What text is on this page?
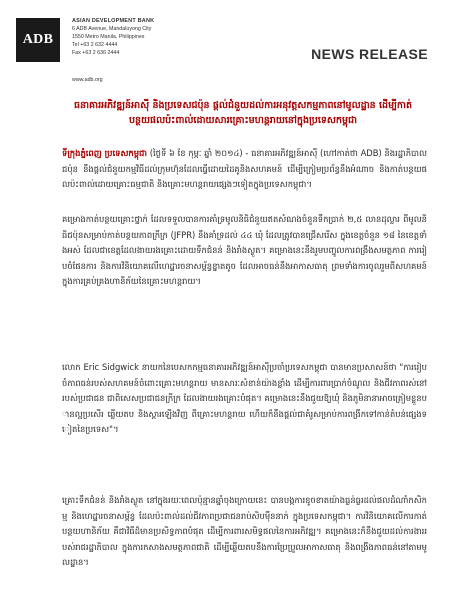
ADB
ASIAN DEVELOPMENT BANK
6 ADB Avenue, Mandaluyong City
1550 Metro Manila, Philippines
Tel +63 2 632 4444
Fax +63 2 636 2444
www.adb.org
NEWS RELEASE
ធនាគារអភិវឌ្ឍន៍អាស៊ី និងប្រទេសជប៉ុន ផ្តល់ជំនួយដល់ការអនុវត្តសកម្មភាពនៅមូលដ្ឋាន ដើម្បីកាត់បន្ថយផលប៉ះពាល់ដោយសារគ្រោះមហន្តរាយនៅក្នុងប្រទេសកម្ពុជា
ទីក្រុងភ្នំពេញ ប្រទេសកម្ពុជា (ថ្ងៃទី ៦ ខែ កុម្ភៈ ឆ្នាំ ២០១៤) - ធនាគារអភិវឌ្ឍន៍អាស៊ី (ហៅកាត់ថា ADB) និងរដ្ឋាភិបាលជប៉ុន នឹងផ្តល់ជំនួយកម្មវិធីដល់ក្រុមហ៊ុនដែលធ្វើដោយដៃគូនិងសហគមន៍ ដើម្បីក្រៀមប្រព័ន្ធនឹងអំណាច និងកាត់បន្ថយផលប៉ះពាល់ដោយគ្រោះធម្មជាតិ និងគ្រោះមហន្តរាយផ្សេងៗទៀតក្នុងប្រទេសកម្ពុជា។
គម្រោងកាត់បន្ថយគ្រោះថ្នាក់ ដែលទទួលបានការគាំទ្រមូលនិធិជំនួយឥតសំណងចំនួនទឹកប្រាក់ ២,៥ លានដុល្លារ ពីមូលនិធិជប៉ុនសម្រាប់កាត់បន្ថយភាពក្រីក្រ (JFPR) នឹងគាំទ្រដល់ ៤៤ ឃុំ ដែលត្រូវបានជ្រើសរើស ក្នុងខេត្តចំនួន ១៨ នៃខេត្តទាំងអស់ ដែលជាខេត្តដែលងាយរងគ្រោះដោយទឹកជំនន់ និងរាំងស្ងួត។ គម្រោងនេះនឹងរួមបញ្ចូលការពង្រឹងសមត្ថភាព ការរៀបចំផែនការ និងការវិនិយោគលើហេដ្ឋារចនាសម្ព័ន្ធខ្នាតតូច ដែលអាចធន់នឹងអាកាសធាតុ ព្រមទាំងការចូលរួមពីសហគមន៍ ក្នុងការគ្រប់គ្រងហានិភ័យនៃគ្រោះមហន្តរាយ។
លោក Eric Sidgwick នាយកនៃបេសកកម្មធនាគារអភិវឌ្ឍន៍អាស៊ីប្រចាំប្រទេសកម្ពុជា បានមានប្រសាសន៍ថា "ការរៀបចំភាពធន់របស់សហគមន៍ចំពោះគ្រោះមហន្តរាយ មានសារៈសំខាន់យ៉ាងខ្លាំង ដើម្បីការពារប្រាក់ចំណូល និងជីវភាពរស់នៅរបស់ប្រជាជន ជាពិសេសប្រជាជនក្រីក្រ ដែលងាយរងគ្រោះបំផុត។ គម្រោងនេះនឹងជួយឱ្យឃុំ និងភូមិនានាអាចត្រៀមខ្លួនបានល្អប្រសើរ ឆ្លើយតប និងស្តារឡើងវិញ ពីគ្រោះមហន្តរាយ ហើយក៏នឹងផ្តល់ជាគំរូសម្រាប់ការពង្រីកទៅកាន់តំបន់ផ្សេងទៀតនៃប្រទេស"។
គ្រោះទឹកជំនន់ និងរាំងស្ងួត នៅក្នុងរយៈពេលប៉ុន្មានឆ្នាំចុងក្រោយនេះ បានបង្កការខូចខាតយ៉ាងធ្ងន់ធ្ងរដល់ផលដំណាំកសិកម្ម និងហេដ្ឋារចនាសម្ព័ន្ធ ដែលប៉ះពាល់ដល់ជីវភាពប្រជាជនរាប់សិបម៉ឺននាក់ ក្នុងប្រទេសកម្ពុជា។ ការវិនិយោគលើការកាត់បន្ថយហានិភ័យ គឺជាវិធីដ៏មានប្រសិទ្ធភាពបំផុត ដើម្បីការពារសមិទ្ធផលនៃការអភិវឌ្ឍ។ គម្រោងនេះក៏នឹងជួយដល់ការងាររបស់រាជរដ្ឋាភិបាល ក្នុងការកសាងសមត្ថភាពជាតិ ដើម្បីឆ្លើយតបនឹងការប្រែប្រួលអាកាសធាតុ និងពង្រឹងភាពធន់នៅតាមមូលដ្ឋាន។
